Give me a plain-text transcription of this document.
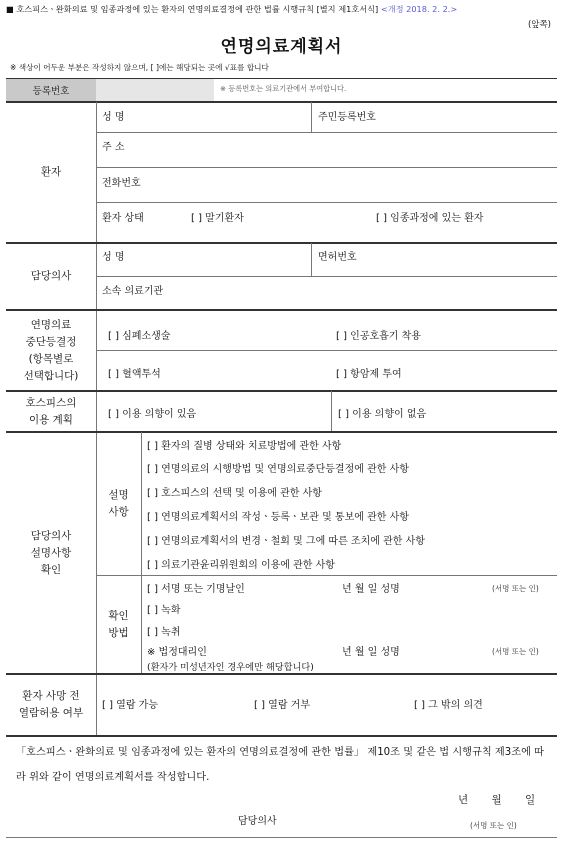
■ 호스피스ㆍ완화의료 및 임종과정에 있는 환자의 연명의료결정에 관한 법률 시행규칙 [별지 제1호서식] <개정 2018. 2. 2.>
(앞쪽)
연명의료계획서
※ 색상이 어두운 부분은 작성하지 않으며, [ ]에는 해당되는 곳에 √표를 합니다
등록번호	※ 등록번호는 의료기관에서 부여합니다.
환자
성 명	주민등록번호
주 소
전화번호
환자 상태	[ ] 말기환자	[ ] 임종과정에 있는 환자
담당의사
성 명	면허번호
소속 의료기관
연명의료
중단등결정
(항목별로
선택합니다)
[ ] 심폐소생술	[ ] 인공호흡기 착용
[ ] 혈액투석	[ ] 항암제 투여
호스피스의
이용 계획	[ ] 이용 의향이 있음	[ ] 이용 의향이 없음
담당의사
설명사항
확인
설명
사항
[ ] 환자의 질병 상태와 치료방법에 관한 사항
[ ] 연명의료의 시행방법 및 연명의료중단등결정에 관한 사항
[ ] 호스피스의 선택 및 이용에 관한 사항
[ ] 연명의료계획서의 작성ㆍ등록ㆍ보관 및 통보에 관한 사항
[ ] 연명의료계획서의 변경ㆍ철회 및 그에 따른 조치에 관한 사항
[ ] 의료기관윤리위원회의 이용에 관한 사항
확인
방법
[ ] 서명 또는 기명날인	년 월 일 성명	(서명 또는 인)
[ ] 녹화
[ ] 녹취
※ 법정대리인	년 월 일 성명	(서명 또는 인)
(환자가 미성년자인 경우에만 해당합니다)
환자 사망 전
열람허용 여부
[ ] 열람 가능	[ ] 열람 거부	[ ] 그 밖의 의견
「호스피스ㆍ완화의료 및 임종과정에 있는 환자의 연명의료결정에 관한 법률」 제10조 및 같은 법 시행규칙 제3조에 따라 위와 같이 연명의료계획서를 작성합니다.
년 월 일
담당의사	(서명 또는 인)
